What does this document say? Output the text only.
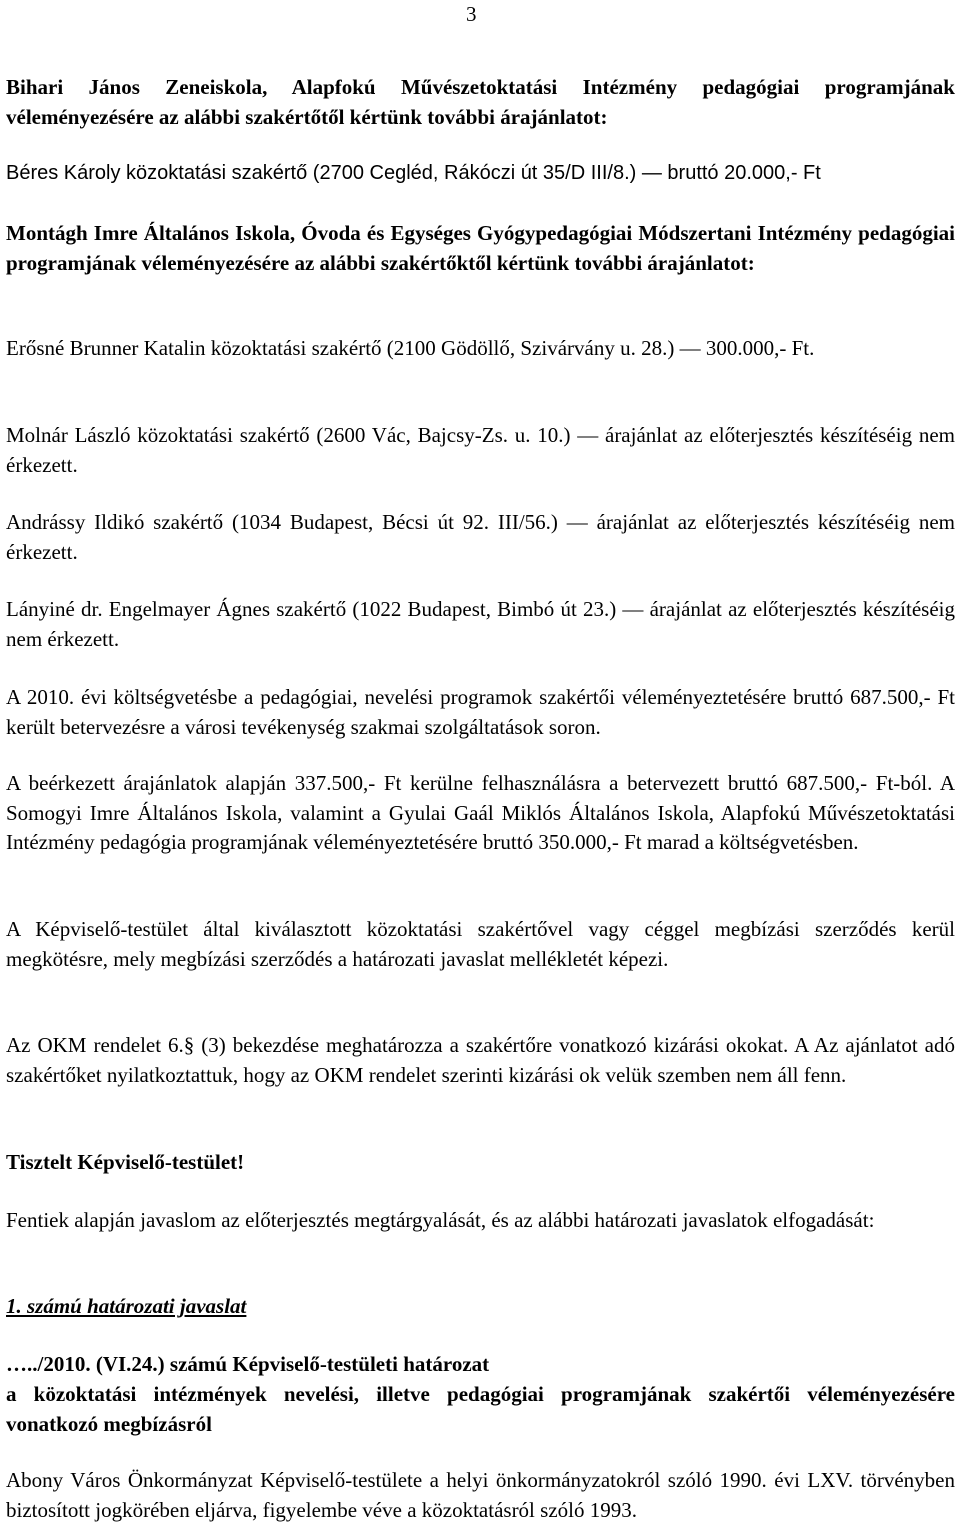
3

Bihari János Zeneiskola, Alapfokú Művészetoktatási Intézmény pedagógiai programjának véleményezésére az alábbi szakértőtől kértünk további árajánlatot:

Béres Károly közoktatási szakértő (2700 Cegléd, Rákóczi út 35/D III/8.) ― bruttó 20.000,- Ft

Montágh Imre Általános Iskola, Óvoda és Egységes Gyógypedagógiai Módszertani Intézmény pedagógiai programjának véleményezésére az alábbi szakértőktől kértünk további árajánlatot:

Erősné Brunner Katalin közoktatási szakértő (2100 Gödöllő, Szivárvány u. 28.) ― 300.000,- Ft.

Molnár László közoktatási szakértő (2600 Vác, Bajcsy-Zs. u. 10.) ― árajánlat az előterjesztés készítéséig nem érkezett.

Andrássy Ildikó szakértő (1034 Budapest, Bécsi út 92. III/56.) ― árajánlat az előterjesztés készítéséig nem érkezett.

Lányiné dr. Engelmayer Ágnes szakértő (1022 Budapest, Bimbó út 23.) ― árajánlat az előterjesztés készítéséig nem érkezett.

A 2010. évi költségvetésbe a pedagógiai, nevelési programok szakértői véleményeztetésére bruttó 687.500,- Ft került betervezésre a városi tevékenység szakmai szolgáltatások soron.

A beérkezett árajánlatok alapján 337.500,- Ft kerülne felhasználásra a betervezett bruttó 687.500,- Ft-ból. A Somogyi Imre Általános Iskola, valamint a Gyulai Gaál Miklós Általános Iskola, Alapfokú Művészetoktatási Intézmény pedagógia programjának véleményeztetésére bruttó 350.000,- Ft marad a költségvetésben.

A Képviselő-testület által kiválasztott közoktatási szakértővel vagy céggel megbízási szerződés kerül megkötésre, mely megbízási szerződés a határozati javaslat mellékletét képezi.

Az OKM rendelet 6.§ (3) bekezdése meghatározza a szakértőre vonatkozó kizárási okokat. A Az ajánlatot adó szakértőket nyilatkoztattuk, hogy az OKM rendelet szerinti kizárási ok velük szemben nem áll fenn.

Tisztelt Képviselő-testület!

Fentiek alapján javaslom az előterjesztés megtárgyalását, és az alábbi határozati javaslatok elfogadását:

1. számú határozati javaslat

…../2010. (VI.24.) számú Képviselő-testületi határozat

a közoktatási intézmények nevelési, illetve pedagógiai programjának szakértői véleményezésére vonatkozó megbízásról

Abony Város Önkormányzat Képviselő-testülete a helyi önkormányzatokról szóló 1990. évi LXV. törvényben biztosított jogkörében eljárva, figyelembe véve a közoktatásról szóló 1993.
